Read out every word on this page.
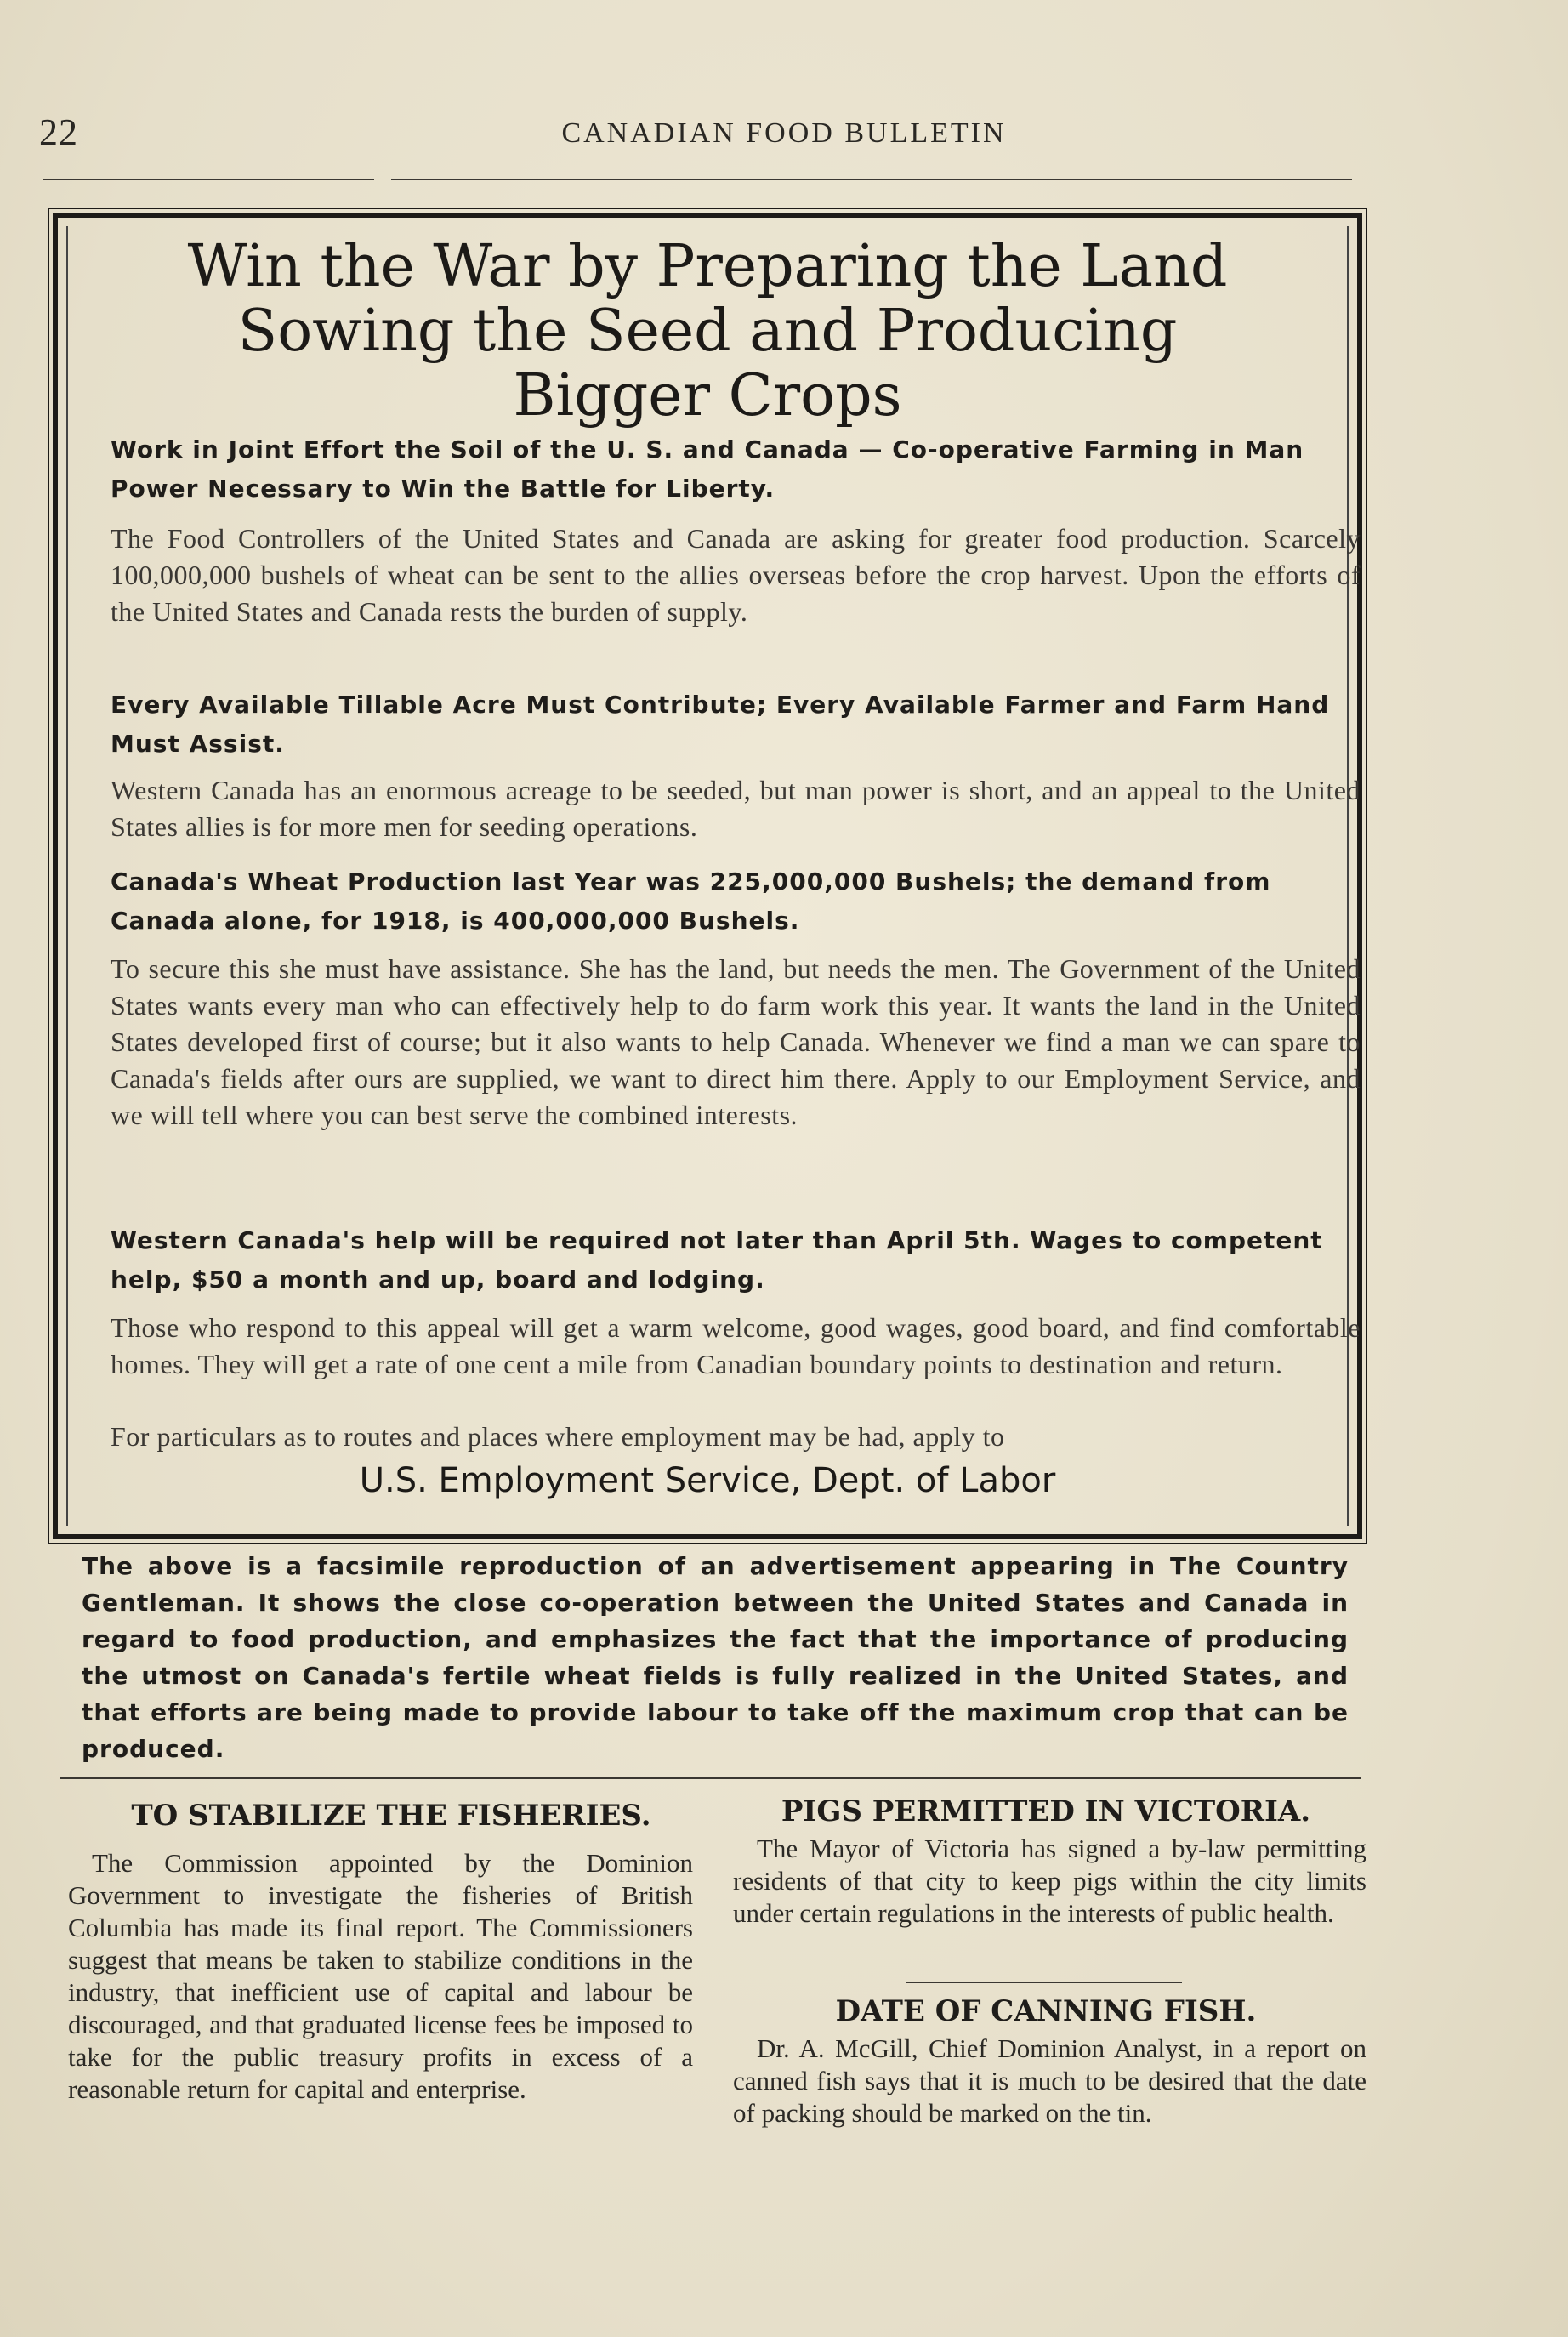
22	CANADIAN FOOD BULLETIN
Win the War by Preparing the Land
Sowing the Seed and Producing
Bigger Crops
Work in Joint Effort the Soil of the U. S. and Canada — Co-operative Farming in Man Power Necessary to Win the Battle for Liberty.
The Food Controllers of the United States and Canada are asking for greater food production. Scarcely 100,000,000 bushels of wheat can be sent to the allies overseas before the crop harvest. Upon the efforts of the United States and Canada rests the burden of supply.
Every Available Tillable Acre Must Contribute; Every Available Farmer and Farm Hand Must Assist.
Western Canada has an enormous acreage to be seeded, but man power is short, and an appeal to the United States allies is for more men for seeding operations.
Canada's Wheat Production last Year was 225,000,000 Bushels; the demand from Canada alone, for 1918, is 400,000,000 Bushels.
To secure this she must have assistance. She has the land, but needs the men. The Government of the United States wants every man who can effectively help to do farm work this year. It wants the land in the United States developed first of course; but it also wants to help Canada. Whenever we find a man we can spare to Canada's fields after ours are supplied, we want to direct him there. Apply to our Employment Service, and we will tell where you can best serve the combined interests.
Western Canada's help will be required not later than April 5th. Wages to competent help, $50 a month and up, board and lodging.
Those who respond to this appeal will get a warm welcome, good wages, good board, and find comfortable homes. They will get a rate of one cent a mile from Canadian boundary points to destination and return.
For particulars as to routes and places where employment may be had, apply to
U.S. Employment Service, Dept. of Labor
The above is a facsimile reproduction of an advertisement appearing in The Country Gentleman. It shows the close co-operation between the United States and Canada in regard to food production, and emphasizes the fact that the importance of producing the utmost on Canada's fertile wheat fields is fully realized in the United States, and that efforts are being made to provide labour to take off the maximum crop that can be produced.
TO STABILIZE THE FISHERIES.
The Commission appointed by the Dominion Government to investigate the fisheries of British Columbia has made its final report. The Commissioners suggest that means be taken to stabilize conditions in the industry, that inefficient use of capital and labour be discouraged, and that graduated license fees be imposed to take for the public treasury profits in excess of a reasonable return for capital and enterprise.
PIGS PERMITTED IN VICTORIA.
The Mayor of Victoria has signed a by-law permitting residents of that city to keep pigs within the city limits under certain regulations in the interests of public health.
DATE OF CANNING FISH.
Dr. A. McGill, Chief Dominion Analyst, in a report on canned fish says that it is much to be desired that the date of packing should be marked on the tin.
